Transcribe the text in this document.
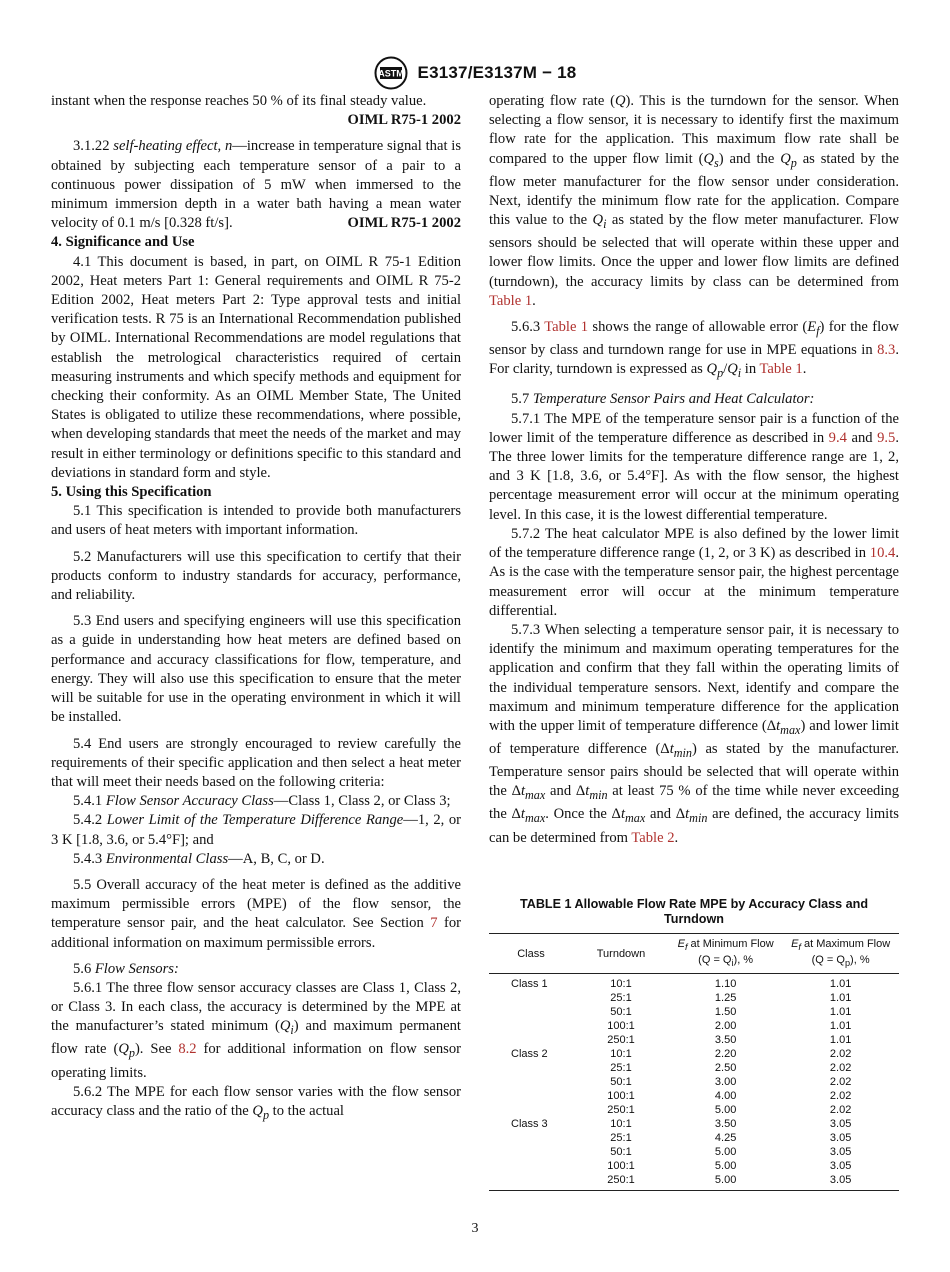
ASTM E3137/E3137M − 18

instant when the response reaches 50 % of its final steady value.
OIML R75-1 2002

3.1.22 self-heating effect, n—increase in temperature signal that is obtained by subjecting each temperature sensor of a pair to a continuous power dissipation of 5 mW when immersed to the minimum immersion depth in a water bath having a mean water velocity of 0.1 m/s [0.328 ft/s].	OIML R75-1 2002

4. Significance and Use

4.1 This document is based, in part, on OIML R 75-1 Edition 2002, Heat meters Part 1: General requirements and OIML R 75-2 Edition 2002, Heat meters Part 2: Type approval tests and initial verification tests. R 75 is an International Recommendation published by OIML. International Recommendations are model regulations that establish the metrological characteristics required of certain measuring instruments and which specify methods and equipment for checking their conformity. As an OIML Member State, The United States is obligated to utilize these recommendations, where possible, when developing standards that meet the needs of the market and may result in either terminology or definitions specific to this standard and deviations in standard form and style.

5. Using this Specification

5.1 This specification is intended to provide both manufacturers and users of heat meters with important information.

5.2 Manufacturers will use this specification to certify that their products conform to industry standards for accuracy, performance, and reliability.

5.3 End users and specifying engineers will use this specification as a guide in understanding how heat meters are defined based on performance and accuracy classifications for flow, temperature, and energy. They will also use this specification to ensure that the meter will be suitable for use in the operating environment in which it will be installed.

5.4 End users are strongly encouraged to review carefully the requirements of their specific application and then select a heat meter that will meet their needs based on the following criteria:

5.4.1 Flow Sensor Accuracy Class—Class 1, Class 2, or Class 3;

5.4.2 Lower Limit of the Temperature Difference Range—1, 2, or 3 K [1.8, 3.6, or 5.4°F]; and

5.4.3 Environmental Class—A, B, C, or D.

5.5 Overall accuracy of the heat meter is defined as the additive maximum permissible errors (MPE) of the flow sensor, the temperature sensor pair, and the heat calculator. See Section 7 for additional information on maximum permissible errors.

5.6 Flow Sensors:

5.6.1 The three flow sensor accuracy classes are Class 1, Class 2, or Class 3. In each class, the accuracy is determined by the MPE at the manufacturer’s stated minimum $(Q_i)$ and maximum permanent flow rate $(Q_p)$. See 8.2 for additional information on flow sensor operating limits.

5.6.2 The MPE for each flow sensor varies with the flow sensor accuracy class and the ratio of the $Q_p$ to the actual

operating flow rate (Q). This is the turndown for the sensor. When selecting a flow sensor, it is necessary to identify first the maximum flow rate for the application. This maximum flow rate shall be compared to the upper flow limit $(Q_s)$ and the $Q_p$ as stated by the flow meter manufacturer for the flow sensor under consideration. Next, identify the minimum flow rate for the application. Compare this value to the $Q_i$ as stated by the flow meter manufacturer. Flow sensors should be selected that will operate within these upper and lower flow limits. Once the upper and lower flow limits are defined (turndown), the accuracy limits by class can be determined from Table 1.

5.6.3 Table 1 shows the range of allowable error $(E_f)$ for the flow sensor by class and turndown range for use in MPE equations in 8.3. For clarity, turndown is expressed as $Q_p/Q_i$ in Table 1.

5.7 Temperature Sensor Pairs and Heat Calculator:

5.7.1 The MPE of the temperature sensor pair is a function of the lower limit of the temperature difference as described in 9.4 and 9.5. The three lower limits for the temperature difference range are 1, 2, and 3 K [1.8, 3.6, or 5.4°F]. As with the flow sensor, the highest percentage measurement error will occur at the minimum operating level. In this case, it is the lowest differential temperature.

5.7.2 The heat calculator MPE is also defined by the lower limit of the temperature difference range (1, 2, or 3 K) as described in 10.4. As is the case with the temperature sensor pair, the highest percentage measurement error will occur at the minimum temperature differential.

5.7.3 When selecting a temperature sensor pair, it is necessary to identify the minimum and maximum operating temperatures for the application and confirm that they fall within the operating limits of the individual temperature sensors. Next, identify and compare the maximum and minimum temperature difference for the application with the upper limit of temperature difference $(\Delta t_{max})$ and lower limit of temperature difference $(\Delta t_{min})$ as stated by the manufacturer. Temperature sensor pairs should be selected that will operate within the $\Delta t_{max}$ and $\Delta t_{min}$ at least 75 % of the time while never exceeding the $\Delta t_{max}$. Once the $\Delta t_{max}$ and $\Delta t_{min}$ are defined, the accuracy limits can be determined from Table 2.

TABLE 1 Allowable Flow Rate MPE by Accuracy Class and Turndown
Class	Turndown	$E_f$ at Minimum Flow
$(Q = Q_i)$, %	$E_f$ at Maximum Flow
$(Q = Q_p)$, %
Class 1	10:1	1.10	1.01
	25:1	1.25	1.01
	50:1	1.50	1.01
	100:1	2.00	1.01
	250:1	3.50	1.01
Class 2	10:1	2.20	2.02
	25:1	2.50	2.02
	50:1	3.00	2.02
	100:1	4.00	2.02
	250:1	5.00	2.02
Class 3	10:1	3.50	3.05
	25:1	4.25	3.05
	50:1	5.00	3.05
	100:1	5.00	3.05
	250:1	5.00	3.05
3
